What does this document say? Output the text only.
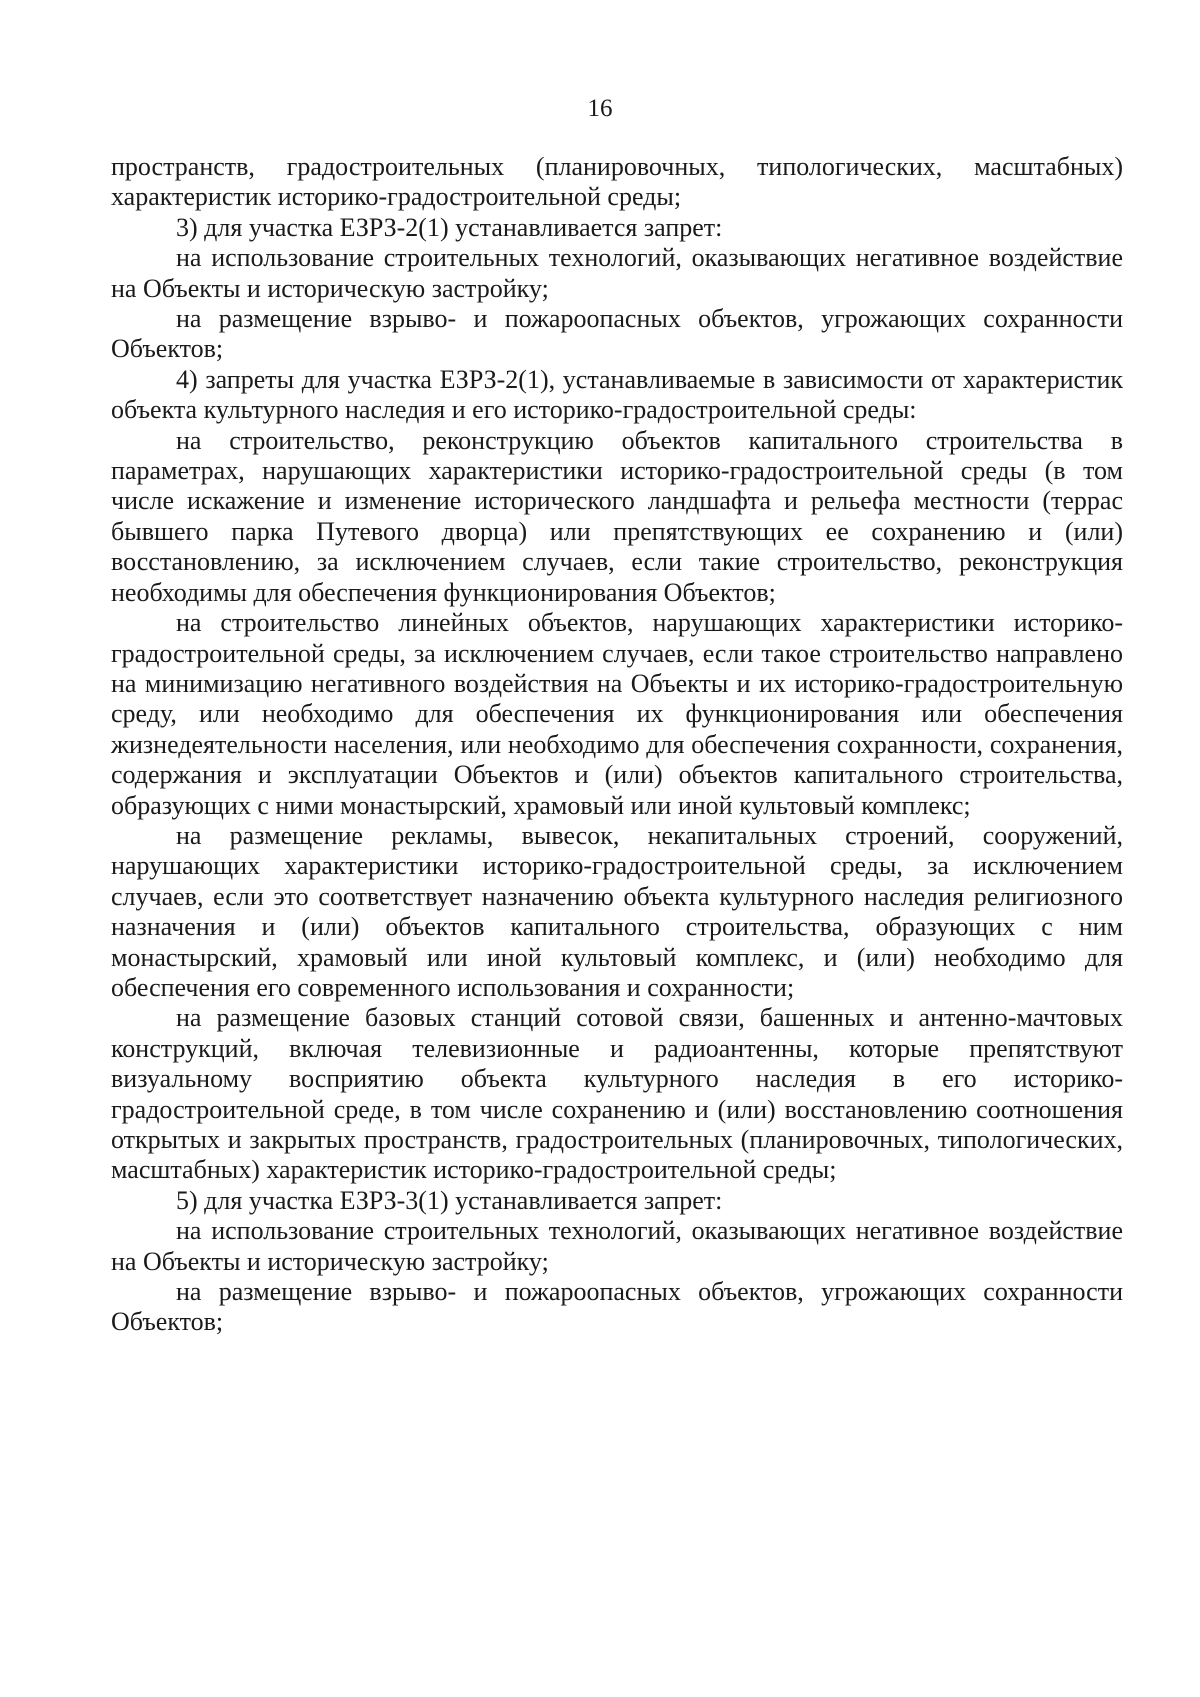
16

пространств, градостроительных (планировочных, типологических, масштабных) характеристик историко-градостроительной среды;

3) для участка ЕЗРЗ-2(1) устанавливается запрет:

на использование строительных технологий, оказывающих негативное воздействие на Объекты и историческую застройку;

на размещение взрыво- и пожароопасных объектов, угрожающих сохранности Объектов;

4) запреты для участка ЕЗРЗ-2(1), устанавливаемые в зависимости от характеристик объекта культурного наследия и его историко-градостроительной среды:

на строительство, реконструкцию объектов капитального строительства в параметрах, нарушающих характеристики историко-градостроительной среды (в том числе искажение и изменение исторического ландшафта и рельефа местности (террас бывшего парка Путевого дворца) или препятствующих ее сохранению и (или) восстановлению, за исключением случаев, если такие строительство, реконструкция необходимы для обеспечения функционирования Объектов;

на строительство линейных объектов, нарушающих характеристики историко-градостроительной среды, за исключением случаев, если такое строительство направлено на минимизацию негативного воздействия на Объекты и их историко-градостроительную среду, или необходимо для обеспечения их функционирования или обеспечения жизнедеятельности населения, или необходимо для обеспечения сохранности, сохранения, содержания и эксплуатации Объектов и (или) объектов капитального строительства, образующих с ними монастырский, храмовый или иной культовый комплекс;

на размещение рекламы, вывесок, некапитальных строений, сооружений, нарушающих характеристики историко-градостроительной среды, за исключением случаев, если это соответствует назначению объекта культурного наследия религиозного назначения и (или) объектов капитального строительства, образующих с ним монастырский, храмовый или иной культовый комплекс, и (или) необходимо для обеспечения его современного использования и сохранности;

на размещение базовых станций сотовой связи, башенных и антенно-мачтовых конструкций, включая телевизионные и радиоантенны, которые препятствуют визуальному восприятию объекта культурного наследия в его историко-градостроительной среде, в том числе сохранению и (или) восстановлению соотношения открытых и закрытых пространств, градостроительных (планировочных, типологических, масштабных) характеристик историко-градостроительной среды;

5) для участка ЕЗРЗ-3(1) устанавливается запрет:

на использование строительных технологий, оказывающих негативное воздействие на Объекты и историческую застройку;

на размещение взрыво- и пожароопасных объектов, угрожающих сохранности Объектов;
